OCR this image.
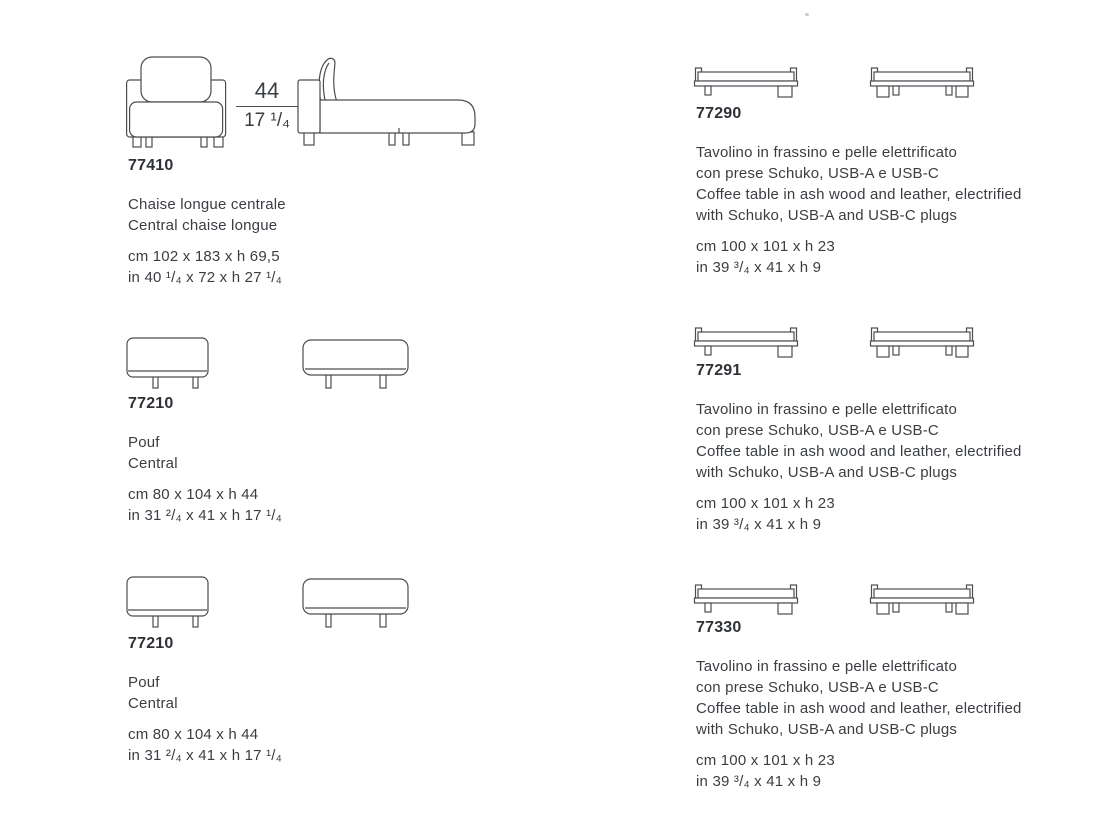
44
17 ¹/₄
77410
Chaise longue centrale
Central chaise longue
cm 102 x 183 x h 69,5
in 40 ¹/₄ x 72 x h 27 ¹/₄
77210
Pouf
Central
cm 80 x 104 x h 44
in 31 ²/₄ x 41 x h 17 ¹/₄
77210
Pouf
Central
cm 80 x 104 x h 44
in 31 ²/₄ x 41 x h 17 ¹/₄
77290
Tavolino in frassino e pelle elettrificato
con prese Schuko, USB-A e USB-C
Coffee table in ash wood and leather, electrified
with Schuko, USB-A and USB-C plugs
cm 100 x 101 x h 23
in 39 ³/₄ x 41 x h 9
77291
Tavolino in frassino e pelle elettrificato
con prese Schuko, USB-A e USB-C
Coffee table in ash wood and leather, electrified
with Schuko, USB-A and USB-C plugs
cm 100 x 101 x h 23
in 39 ³/₄ x 41 x h 9
77330
Tavolino in frassino e pelle elettrificato
con prese Schuko, USB-A e USB-C
Coffee table in ash wood and leather, electrified
with Schuko, USB-A and USB-C plugs
cm 100 x 101 x h 23
in 39 ³/₄ x 41 x h 9
